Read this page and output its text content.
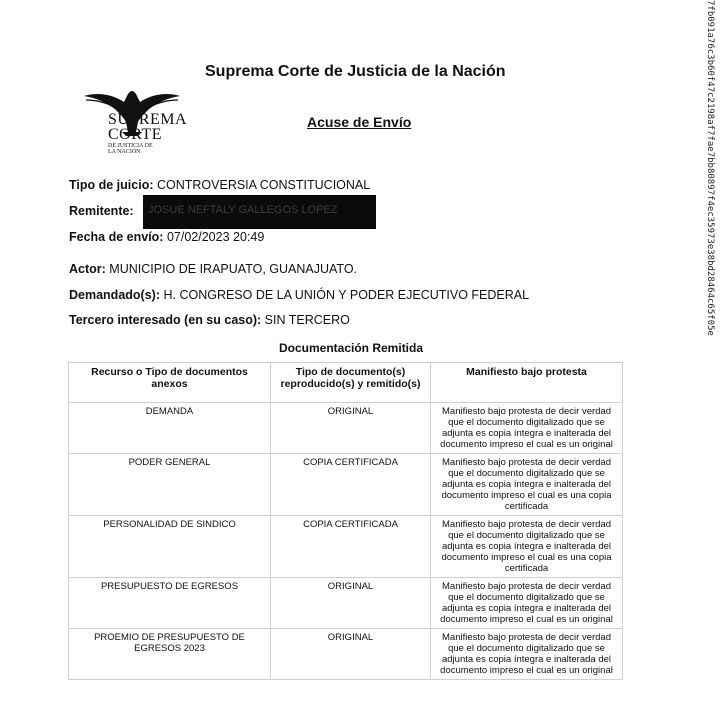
SUPREMA
CORTE
DE JUSTICIA DE
LA NACIÓN
Suprema Corte de Justicia de la Nación
Acuse de Envío
Tipo de juicio: CONTROVERSIA CONSTITUCIONAL
Remitente: JOSUE NEFTALY GALLEGOS LOPEZ
Fecha de envío: 07/02/2023 20:49
Actor: MUNICIPIO DE IRAPUATO, GUANAJUATO.
Demandado(s): H. CONGRESO DE LA UNIÓN Y PODER EJECUTIVO FEDERAL
Tercero interesado (en su caso): SIN TERCERO
Documentación Remitida
Recurso o Tipo de documentos anexos	Tipo de documento(s) reproducido(s) y remitido(s)	Manifiesto bajo protesta
DEMANDA	ORIGINAL	Manifiesto bajo protesta de decir verdad que el documento digitalizado que se adjunta es copia íntegra e inalterada del documento impreso el cual es un original
PODER GENERAL	COPIA CERTIFICADA	Manifiesto bajo protesta de decir verdad que el documento digitalizado que se adjunta es copia íntegra e inalterada del documento impreso el cual es una copia certificada
PERSONALIDAD DE SINDICO	COPIA CERTIFICADA	Manifiesto bajo protesta de decir verdad que el documento digitalizado que se adjunta es copia íntegra e inalterada del documento impreso el cual es una copia certificada
PRESUPUESTO DE EGRESOS	ORIGINAL	Manifiesto bajo protesta de decir verdad que el documento digitalizado que se adjunta es copia íntegra e inalterada del documento impreso el cual es un original
PROEMIO DE PRESUPUESTO DE EGRESOS 2023	ORIGINAL	Manifiesto bajo protesta de decir verdad que el documento digitalizado que se adjunta es copia íntegra e inalterada del documento impreso el cual es un original
7fb091a76c3b60f47c2198af7fae7bb80897f4ec35973e38bd28464c65f05e
